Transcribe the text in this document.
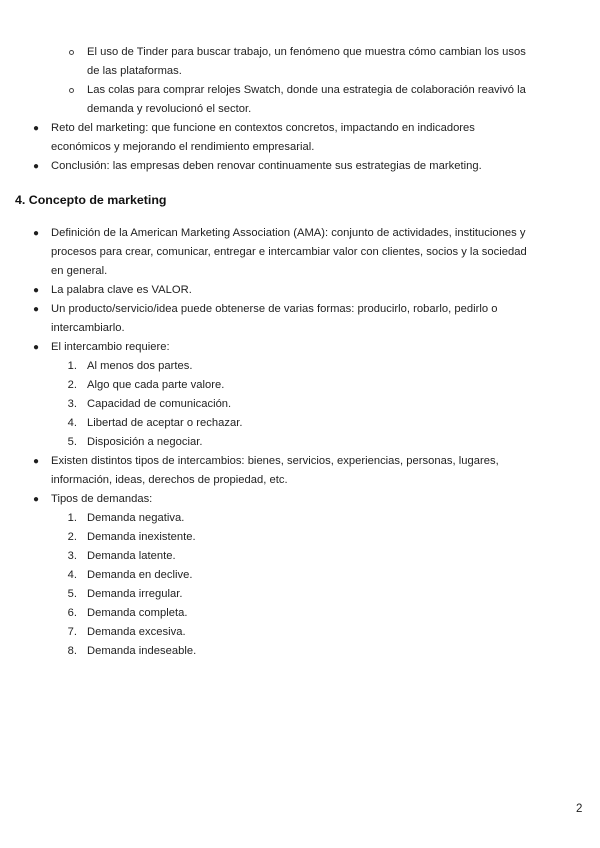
El uso de Tinder para buscar trabajo, un fenómeno que muestra cómo cambian los usos
de las plataformas.
Las colas para comprar relojes Swatch, donde una estrategia de colaboración reavivó la
demanda y revolucionó el sector.
● Reto del marketing: que funcione en contextos concretos, impactando en indicadores
económicos y mejorando el rendimiento empresarial.
● Conclusión: las empresas deben renovar continuamente sus estrategias de marketing.
4. Concepto de marketing
● Definición de la American Marketing Association (AMA): conjunto de actividades, instituciones y
procesos para crear, comunicar, entregar e intercambiar valor con clientes, socios y la sociedad
en general.
● La palabra clave es VALOR.
● Un producto/servicio/idea puede obtenerse de varias formas: producirlo, robarlo, pedirlo o
intercambiarlo.
● El intercambio requiere:
1. Al menos dos partes.
2. Algo que cada parte valore.
3. Capacidad de comunicación.
4. Libertad de aceptar o rechazar.
5. Disposición a negociar.
● Existen distintos tipos de intercambios: bienes, servicios, experiencias, personas, lugares,
información, ideas, derechos de propiedad, etc.
● Tipos de demandas:
1. Demanda negativa.
2. Demanda inexistente.
3. Demanda latente.
4. Demanda en declive.
5. Demanda irregular.
6. Demanda completa.
7. Demanda excesiva.
8. Demanda indeseable.
2
